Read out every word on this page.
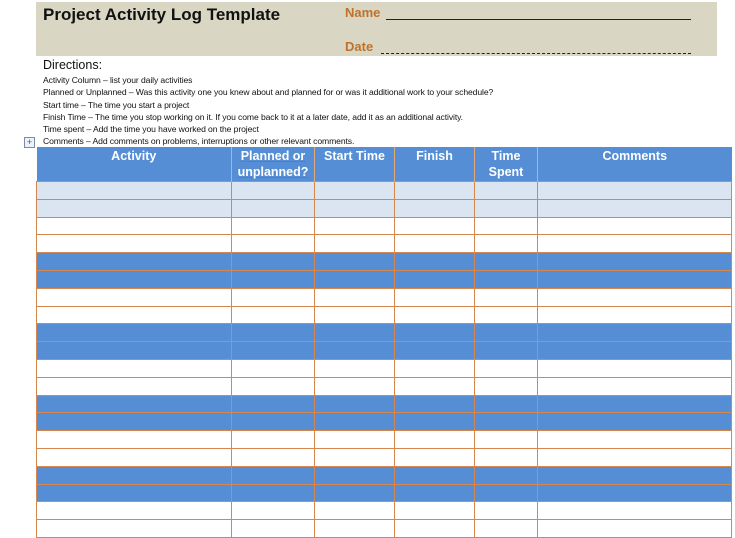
Project Activity Log Template	Name
Date
Directions:
Activity Column – list your daily activities
Planned or Unplanned – Was this activity one you knew about and planned for or was it additional work to your schedule?
Start time – The time you start a project
Finish Time – The time you stop working on it. If you come back to it at a later date, add it as an additional activity.
Time spent – Add the time you have worked on the project
Comments – Add comments on problems, interruptions or other relevant comments.
+
Activity	Planned or unplanned?	Start Time	Finish	Time Spent	Comments
